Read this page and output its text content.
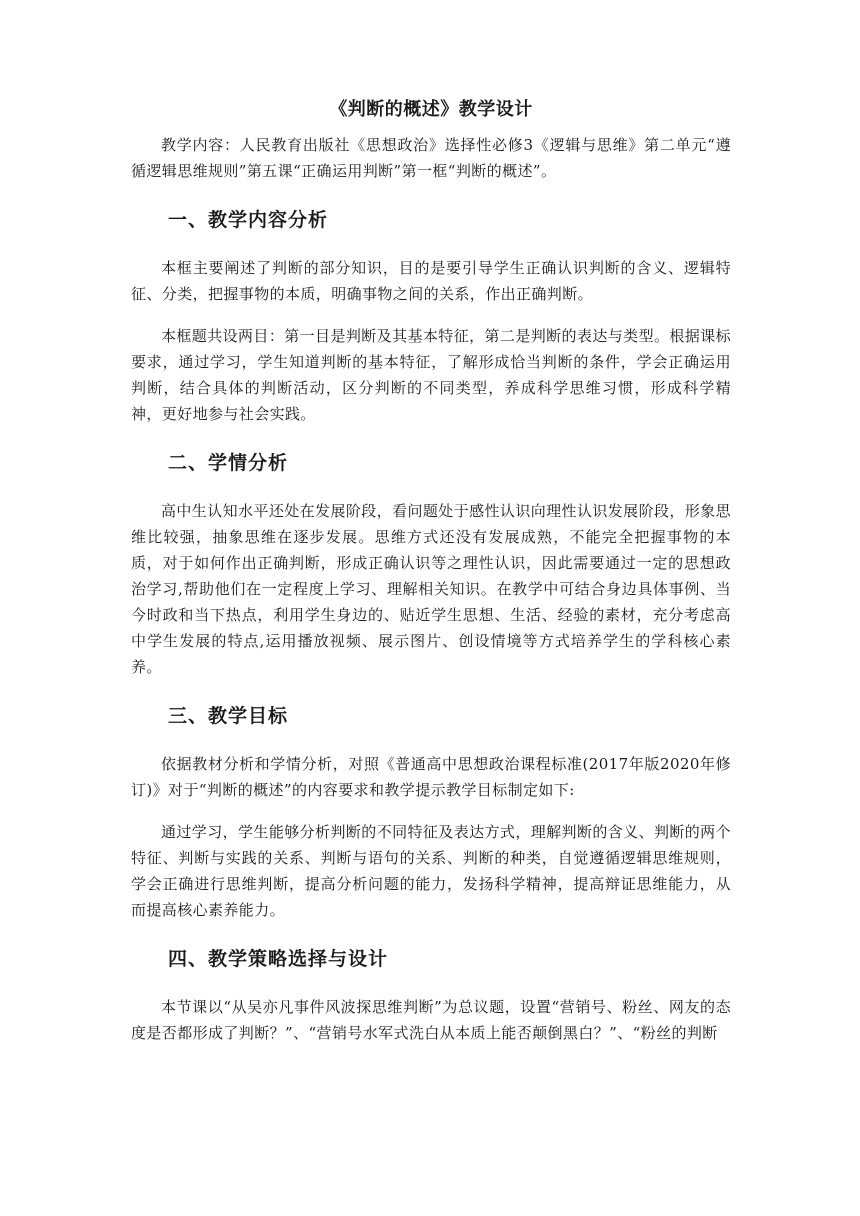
《判断的概述》教学设计

教学内容：人民教育出版社《思想政治》选择性必修3《逻辑与思维》第二单元“遵循逻辑思维规则”第五课“正确运用判断”第一框“判断的概述”。

一、教学内容分析

本框主要阐述了判断的部分知识，目的是要引导学生正确认识判断的含义、逻辑特征、分类，把握事物的本质，明确事物之间的关系，作出正确判断。

本框题共设两目：第一目是判断及其基本特征，第二是判断的表达与类型。根据课标要求，通过学习，学生知道判断的基本特征，了解形成恰当判断的条件，学会正确运用判断，结合具体的判断活动，区分判断的不同类型，养成科学思维习惯，形成科学精神，更好地参与社会实践。

二、学情分析

高中生认知水平还处在发展阶段，看问题处于感性认识向理性认识发展阶段，形象思维比较强，抽象思维在逐步发展。思维方式还没有发展成熟，不能完全把握事物的本质，对于如何作出正确判断，形成正确认识等之理性认识，因此需要通过一定的思想政治学习,帮助他们在一定程度上学习、理解相关知识。在教学中可结合身边具体事例、当今时政和当下热点，利用学生身边的、贴近学生思想、生活、经验的素材，充分考虑高中学生发展的特点,运用播放视频、展示图片、创设情境等方式培养学生的学科核心素养。

三、教学目标

依据教材分析和学情分析，对照《普通高中思想政治课程标准(2017年版2020年修订)》对于“判断的概述”的内容要求和教学提示教学目标制定如下:

通过学习，学生能够分析判断的不同特征及表达方式，理解判断的含义、判断的两个特征、判断与实践的关系、判断与语句的关系、判断的种类，自觉遵循逻辑思维规则，学会正确进行思维判断，提高分析问题的能力，发扬科学精神，提高辩证思维能力，从而提高核心素养能力。

四、教学策略选择与设计

本节课以“从吴亦凡事件风波探思维判断”为总议题，设置“营销号、粉丝、网友的态度是否都形成了判断？”、“营销号水军式洗白从本质上能否颠倒黑白？”、“粉丝的判断
